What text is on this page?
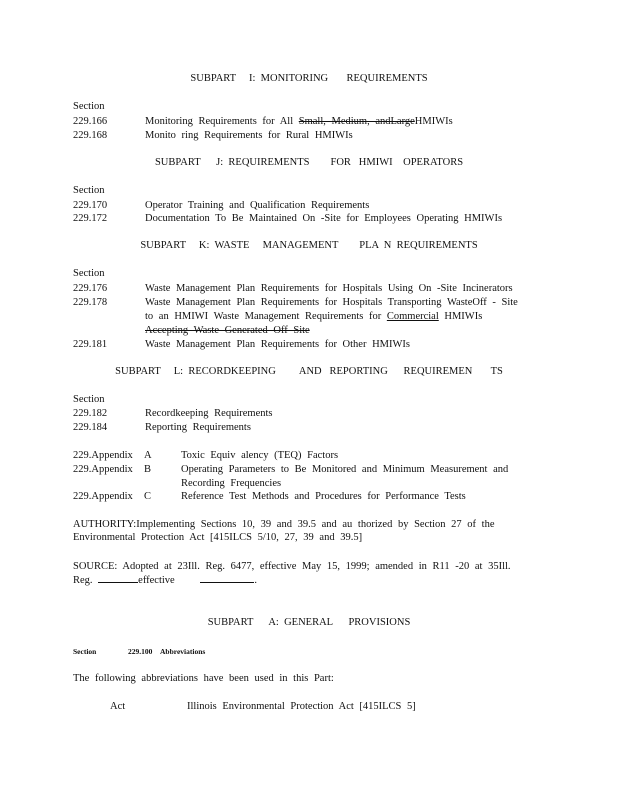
SUBPART     I:  MONITORING       REQUIREMENTS
Section
229.166	Monitoring Requirements for All Small, Medium, andLargeHMIWIs
229.168	Monito ring Requirements for Rural HMIWIs
SUBPART      J:  REQUIREMENTS        FOR   HMIWI    OPERATORS
Section
229.170	Operator Training and Qualification Requirements
229.172	Documentation To Be Maintained On -Site for Employees Operating HMIWIs
SUBPART     K:  WASTE     MANAGEMENT        PLA  N  REQUIREMENTS
Section
229.176	Waste Management Plan Requirements for Hospitals Using On -Site Incinerators
229.178	Waste Management Plan Requirements for Hospitals Transporting WasteOff - Site
to an HMIWI Waste Management Requirements for Commercial HMIWIs
Accepting Waste Generated Off Site
229.181	Waste Management Plan Requirements for Other HMIWIs
SUBPART     L:  RECORDKEEPING         AND   REPORTING      REQUIREMEN       TS
Section
229.182	Recordkeeping Requirements
229.184	Reporting Requirements
229.Appendix A	Toxic Equiv alency (TEQ) Factors
229.Appendix B	Operating Parameters to Be Monitored and Minimum Measurement and
Recording Frequencies
229.Appendix C	Reference Test Methods and Procedures for Performance Tests
AUTHORITY:Implementing Sections 10, 39 and 39.5 and au thorized by Section 27 of the
Environmental Protection Act [415ILCS 5/10, 27, 39 and 39.5]
SOURCE: Adopted at 23Ill. Reg. 6477, effective May 15, 1999; amended in R11 -20 at 35Ill.
Reg.	effective	.
SUBPART      A:  GENERAL      PROVISIONS
Section	229.100 Abbreviations
The following abbreviations have been used in this Part:
Act	Illinois Environmental Protection Act [415ILCS 5]
